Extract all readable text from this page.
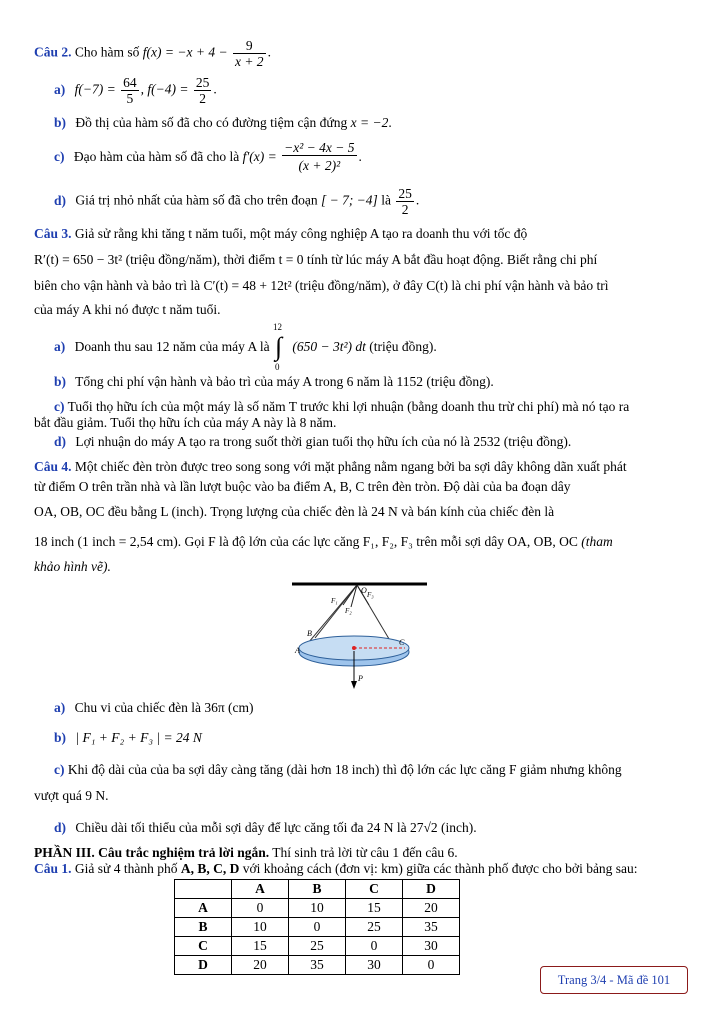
Câu 2. Cho hàm số $f(x) = -x + 4 - \frac{9}{x + 2}$ .

a) $f(-7) = \frac{64}{5}$ , $f(-4) = \frac{25}{2}$ .
b) Đồ thị của hàm số đã cho có đường tiệm cận đứng x = −2.
c) Đạo hàm của hàm số đã cho là $f'(x) = \frac{\text{−x² − 4x − 5}}{\text{(x + 2)²}}$ .
d) Giá trị nhỏ nhất của hàm số đã cho trên đoạn [ − 7; −4] là $\frac{25}{2}$ .

Câu 3. Giả sử rằng khi tăng t năm tuổi, một máy công nghiệp A tạo ra doanh thu với tốc độ

R′(t) = 650 − 3t² (triệu đồng/năm), thời điểm t = 0 tính từ lúc máy A bắt đầu hoạt động. Biết rằng chi phí

biên cho vận hành và bảo trì là C′(t) = 48 + 12t² (triệu đồng/năm), ở đây C(t) là chi phí vận hành và bảo trì

của máy A khi nó được t năm tuổi.

a) Doanh thu sau 12 năm của máy A là
12
∫
0
(650 − 3t²) dt (triệu đồng).
b) Tổng chi phí vận hành và bảo trì của máy A trong 6 năm là 1152 (triệu đồng).

c) Tuổi thọ hữu ích của một máy là số năm T trước khi lợi nhuận (bằng doanh thu trừ chi phí) mà nó tạo ra

bắt đầu giảm. Tuổi thọ hữu ích của máy A này là 8 năm.

d) Lợi nhuận do máy A tạo ra trong suốt thời gian tuổi thọ hữu ích của nó là 2532 (triệu đồng).

Câu 4. Một chiếc đèn tròn được treo song song với mặt phẳng nằm ngang bởi ba sợi dây không dãn xuất phát

từ điểm O trên trần nhà và lần lượt buộc vào ba điểm A, B, C trên đèn tròn. Độ dài của ba đoạn dây

OA, OB, OC đều bằng L (inch). Trọng lượng của chiếc đèn là 24 N và bán kính của chiếc đèn là

18 inch (1 inch = 2,54 cm). Gọi F là độ lớn của các lực căng F₁, F₂, F₃ trên mỗi sợi dây OA, OB, OC (tham

khảo hình vẽ).

O
A
B
C
P
F₁
F₂
F₃
a) Chu vi của chiếc đèn là 36π (cm)
b) | F₁ + F₂ + F₃ | = 24 N

c) Khi độ dài của của ba sợi dây càng tăng (dài hơn 18 inch) thì độ lớn các lực căng F giảm nhưng không

vượt quá 9 N.

d) Chiều dài tối thiểu của mỗi sợi dây để lực căng tối đa 24 N là 27√2 (inch).

PHẦN III. Câu trắc nghiệm trả lời ngắn. Thí sinh trả lời từ câu 1 đến câu 6.

Câu 1. Giả sử 4 thành phố A, B, C, D với khoảng cách (đơn vị: km) giữa các thành phố được cho bởi bảng sau:

	A	B	C	D
A	0	10	15	20
B	10	0	25	35
C	15	25	0	30
D	20	35	30	0
Trang 3/4 - Mã đề 101
